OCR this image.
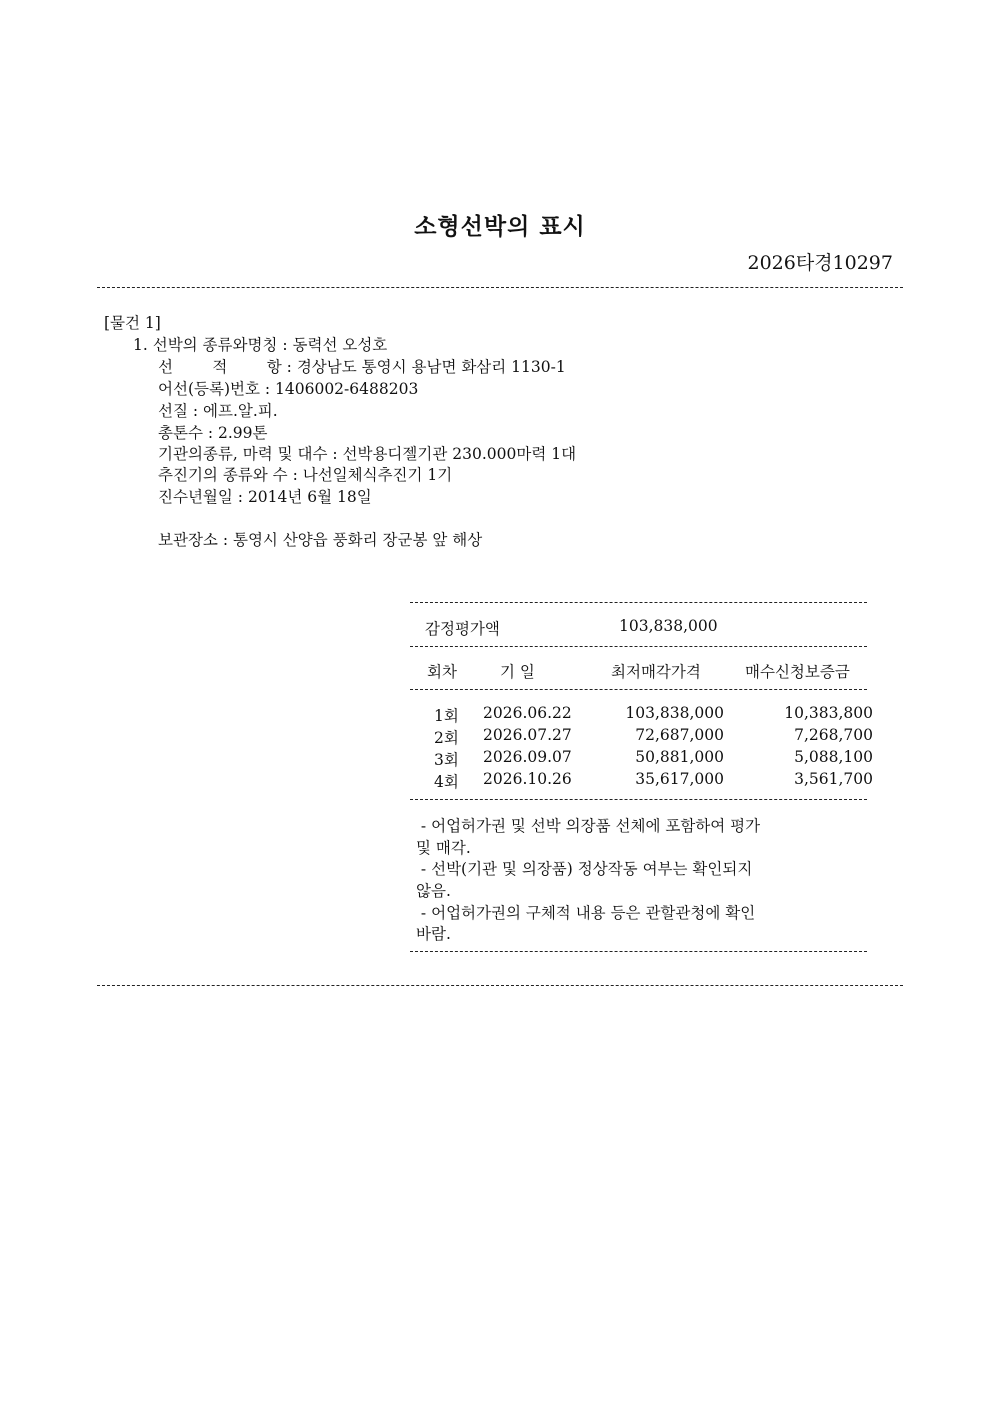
소형선박의 표시
2026타경10297
[물건 1]
1. 선박의 종류와명칭 : 동력선 오성호
선        적        항 : 경상남도 통영시 용남면 화삼리 1130-1
어선(등록)번호 : 1406002-6488203
선질 : 에프.알.피.
총톤수 : 2.99톤
기관의종류, 마력 및 대수 : 선박용디젤기관 230.000마력 1대
추진기의 종류와 수 : 나선일체식추진기 1기
진수년월일 : 2014년 6월 18일
보관장소 : 통영시 산양읍 풍화리 장군봉 앞 해상
감정평가액	103,838,000
회차	기 일	최저매각가격	매수신청보증금
1회 2026.06.22	103,838,000	10,383,800
2회 2026.07.27	72,687,000	7,268,700
3회 2026.09.07	50,881,000	5,088,100
4회 2026.10.26	35,617,000	3,561,700
- 어업허가권 및 선박 의장품 선체에 포함하여 평가
및 매각.
- 선박(기관 및 의장품) 정상작동 여부는 확인되지
않음.
- 어업허가권의 구체적 내용 등은 관할관청에 확인
바람.
